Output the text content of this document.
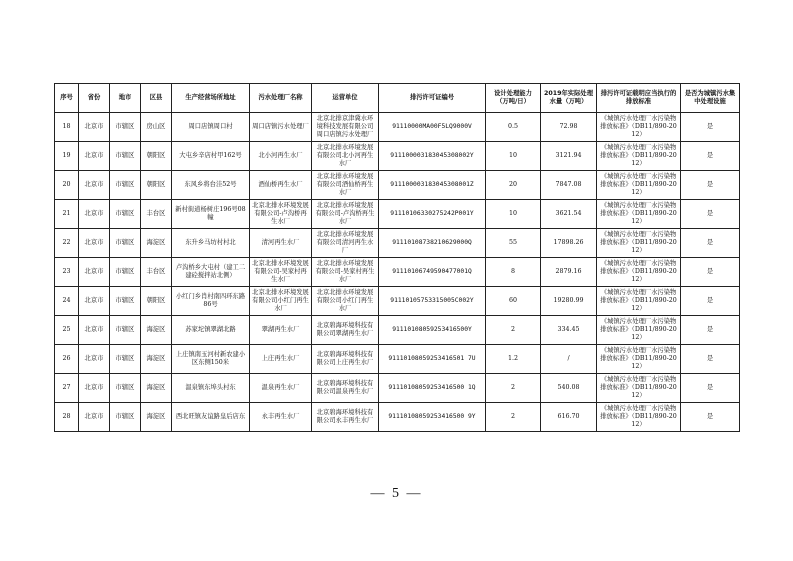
序号	省份	地市	区县	生产经营场所地址	污水处理厂名称	运营单位	排污许可证编号	设计处理能力（万吨/日）	2019年实际处理水量（万吨）	排污许可证载明应当执行的排放标准	是否为城镇污水集中处理设施
18	北京市	市辖区	房山区	周口店镇周口村	周口店镇污水处理厂	北京北排京津冀水环境科技发展有限公司周口店镇污水处理厂	91110000MA00F5LQ9000V	0.5	72.98	《城镇污水处理厂水污染物排放标准》（DB11/890-2012）	是
19	北京市	市辖区	朝阳区	大屯乡辛店村甲162号	北小河再生水厂	北京北排水环境发展有限公司北小河再生水厂	911100003183045308002Y	10	3121.94	《城镇污水处理厂水污染物排放标准》（DB11/890-2012）	是
20	北京市	市辖区	朝阳区	东风乡将台洼52号	酒仙桥再生水厂	北京北排水环境发展有限公司酒仙桥再生水厂	911100003183045308001Z	20	7847.08	《城镇污水处理厂水污染物排放标准》（DB11/890-2012）	是
21	北京市	市辖区	丰台区	新村街道杨树庄196号08幢	北京北排水环境发展有限公司-卢沟桥再生水厂	北京北排水环境发展有限公司-卢沟桥再生水厂	91110106330275242P001Y	10	3621.54	《城镇污水处理厂水污染物排放标准》（DB11/890-2012）	是
22	北京市	市辖区	海淀区	东升乡马坊村村北	清河再生水厂	北京北排水环境发展有限公司清河再生水厂	91110108738210629000Q	55	17898.26	《城镇污水处理厂水污染物排放标准》（DB11/890-2012）	是
23	北京市	市辖区	丰台区	卢沟桥乡大屯村（建工二建砼搅拌站北侧）	北京北排水环境发展有限公司-吴家村再生水厂	北京北排水环境发展有限公司-吴家村再生水厂	91110106749590477001Q	8	2879.16	《城镇污水处理厂水污染物排放标准》（DB11/890-2012）	是
24	北京市	市辖区	朝阳区	小红门乡肖村南四环东路86号	北京北排水环境发展有限公司小红门再生水厂	北京北排水环境发展有限公司小红门再生水厂	91110105753315005C002Y	60	19280.99	《城镇污水处理厂水污染物排放标准》（DB11/890-2012）	是
25	北京市	市辖区	海淀区	苏家坨镇翠湖北路	翠湖再生水厂	北京碧海环境科技有限公司翠湖再生水厂	91110108059253416500Y	2	334.45	《城镇污水处理厂水污染物排放标准》（DB11/890-2012）	是
26	北京市	市辖区	海淀区	上庄镇南玉河村新农建小区东侧150米	上庄再生水厂	北京碧海环境科技有限公司上庄再生水厂	91110108059253416501 7U	1.2	/	《城镇污水处理厂水污染物排放标准》（DB11/890-2012）	是
27	北京市	市辖区	海淀区	温泉镇东埠头村东	温泉再生水厂	北京碧海环境科技有限公司温泉再生水厂	91110108059253416500 1Q	2	540.08	《城镇污水处理厂水污染物排放标准》（DB11/890-2012）	是
28	北京市	市辖区	海淀区	西北旺镇友谊路皇后店东	永丰再生水厂	北京碧海环境科技有限公司永丰再生水厂	91110108059253416500 9Y	2	616.70	《城镇污水处理厂水污染物排放标准》（DB11/890-2012）	是
— 5 —
